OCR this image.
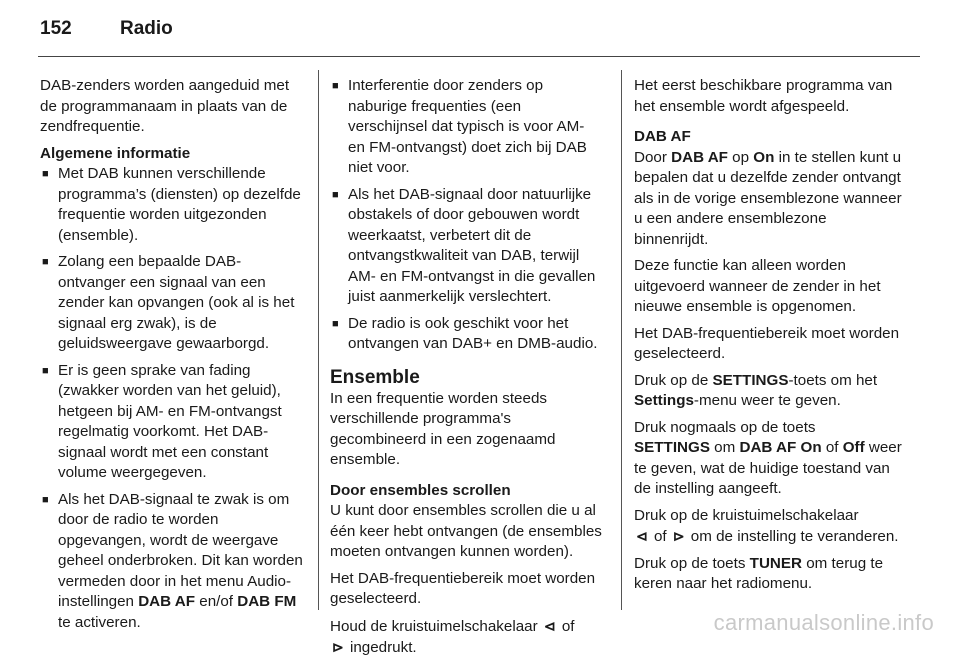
152	Radio

DAB-zenders worden aangeduid met de programmanaam in plaats van de zendfrequentie.

Algemene informatie
■ Met DAB kunnen verschillende programma’s (diensten) op dezelfde frequentie worden uitgezonden (ensemble).
■ Zolang een bepaalde DAB-ontvanger een signaal van een zender kan opvangen (ook al is het signaal erg zwak), is de geluidsweergave gewaarborgd.
■ Er is geen sprake van fading (zwakker worden van het geluid), hetgeen bij AM- en FM-ontvangst regelmatig voorkomt. Het DAB-signaal wordt met een constant volume weergegeven.
■ Als het DAB-signaal te zwak is om door de radio te worden opgevangen, wordt de weergave geheel onderbroken. Dit kan worden vermeden door in het menu Audio-instellingen DAB AF en/of DAB FM te activeren.
■ Interferentie door zenders op naburige frequenties (een verschijnsel dat typisch is voor AM- en FM-ontvangst) doet zich bij DAB niet voor.
■ Als het DAB-signaal door natuurlijke obstakels of door gebouwen wordt weerkaatst, verbetert dit de ontvangstkwaliteit van DAB, terwijl AM- en FM-ontvangst in die gevallen juist aanmerkelijk verslechtert.
■ De radio is ook geschikt voor het ontvangen van DAB+ en DMB-audio.
Ensemble

In een frequentie worden steeds verschillende programma's gecombineerd in een zogenaamd ensemble.

Door ensembles scrollen

U kunt door ensembles scrollen die u al één keer hebt ontvangen (de ensembles moeten ontvangen kunnen worden).

Het DAB-frequentiebereik moet worden geselecteerd.

Houd de kruistuimelschakelaar ⊲ of
⊳ ingedrukt.

Het eerst beschikbare programma van het ensemble wordt afgespeeld.

DAB AF

Door DAB AF op On in te stellen kunt u bepalen dat u dezelfde zender ontvangt als in de vorige ensemblezone wanneer u een andere ensemblezone binnenrijdt.

Deze functie kan alleen worden uitgevoerd wanneer de zender in het nieuwe ensemble is opgenomen.

Het DAB-frequentiebereik moet worden geselecteerd.

Druk op de SETTINGS-toets om het Settings-menu weer te geven.

Druk nogmaals op de toets
SETTINGS om DAB AF On of Off weer te geven, wat de huidige toestand van de instelling aangeeft.

Druk op de kruistuimelschakelaar
⊲ of ⊳ om de instelling te veranderen.

Druk op de toets TUNER om terug te keren naar het radiomenu.

carmanualsonline.info
